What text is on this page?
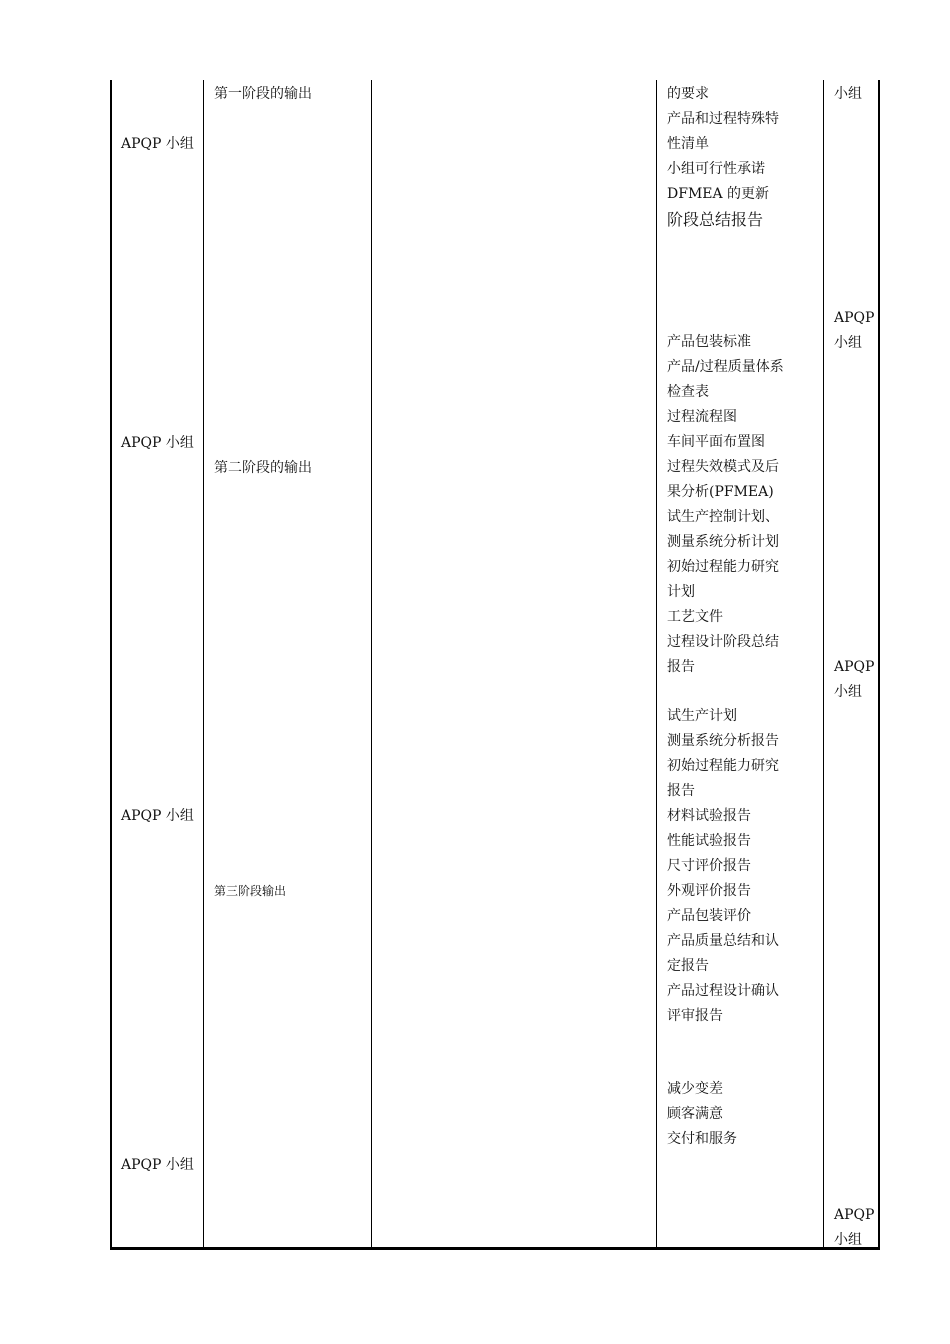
APQP 小组
APQP 小组
APQP 小组
APQP 小组
第一阶段的输出
第二阶段的输出
第三阶段输出
的要求
产品和过程特殊特
性清单
小组可行性承诺
DFMEA 的更新
阶段总结报告
产品包装标准
产品/过程质量体系
检查表
过程流程图
车间平面布置图
过程失效模式及后
果分析(PFMEA)
试生产控制计划、
测量系统分析计划
初始过程能力研究
计划
工艺文件
过程设计阶段总结
报告
试生产计划
测量系统分析报告
初始过程能力研究
报告
材料试验报告
性能试验报告
尺寸评价报告
外观评价报告
产品包装评价
产品质量总结和认
定报告
产品过程设计确认
评审报告
减少变差
顾客满意
交付和服务
小组
APQP
小组
APQP
小组
APQP
小组
